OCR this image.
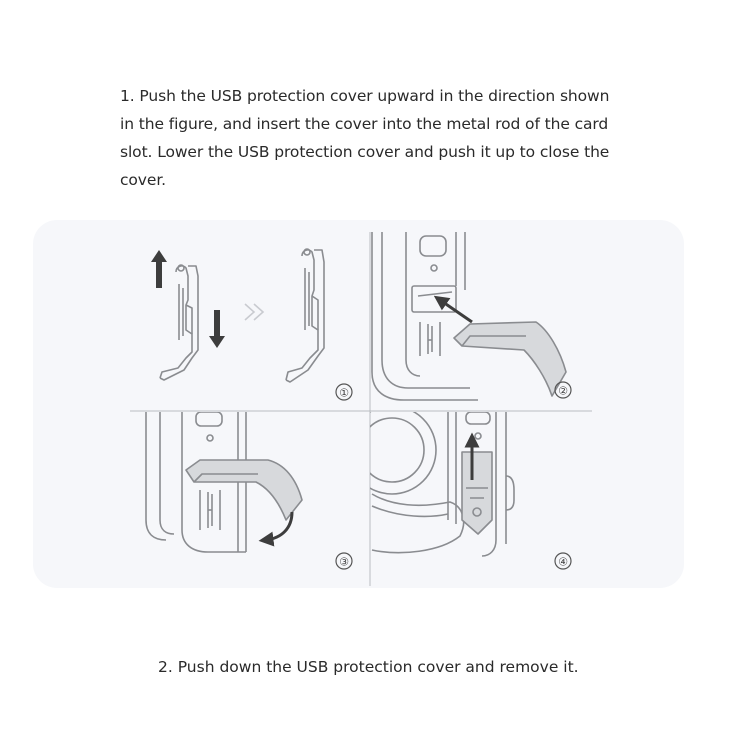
1. Push the USB protection cover upward in the direction shown
in the figure, and insert the cover into the metal rod of the card
slot. Lower the USB protection cover and push it up to close the
cover.
①	②
③	④
2. Push down the USB protection cover and remove it.
